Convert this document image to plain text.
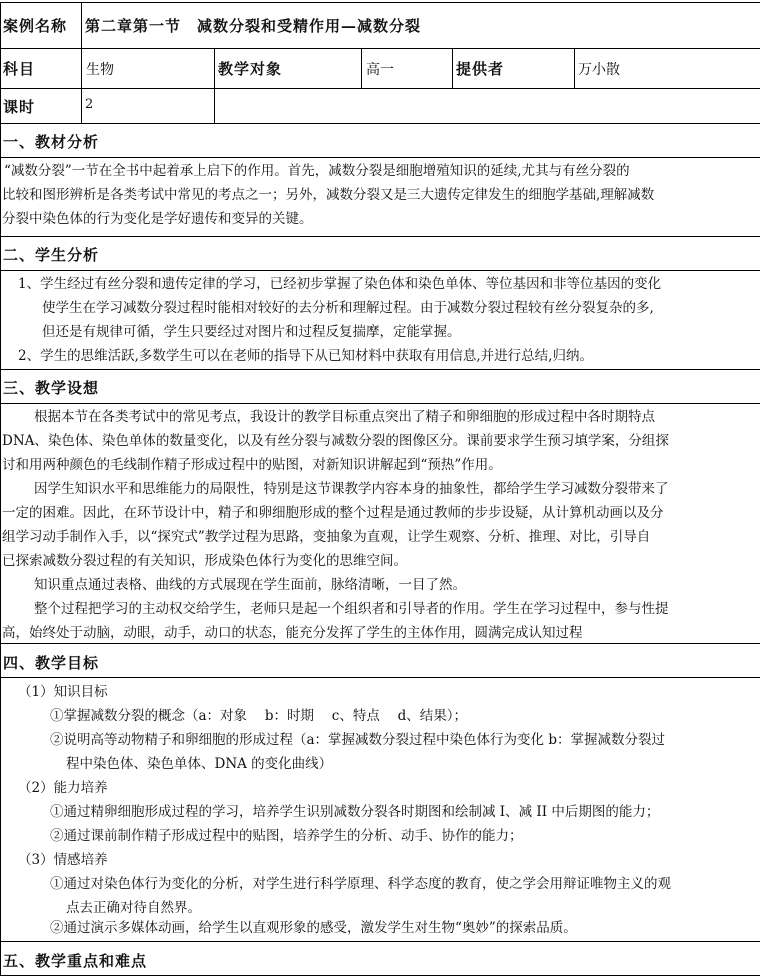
案例名称 第二章第一节　减数分裂和受精作用—减数分裂
科目	生物	教学对象	高一	提供者	万小散
课时	2
一、教材分析
“减数分裂”一节在全书中起着承上启下的作用。首先，减数分裂是细胞增殖知识的延续,尤其与有丝分裂的
比较和图形辨析是各类考试中常见的考点之一；另外，减数分裂又是三大遗传定律发生的细胞学基础,理解减数
分裂中染色体的行为变化是学好遗传和变异的关键。
二、学生分析
1、学生经过有丝分裂和遗传定律的学习，已经初步掌握了染色体和染色单体、等位基因和非等位基因的变化
使学生在学习减数分裂过程时能相对较好的去分析和理解过程。由于减数分裂过程较有丝分裂复杂的多,
但还是有规律可循，学生只要经过对图片和过程反复揣摩，定能掌握。
2、学生的思维活跃,多数学生可以在老师的指导下从已知材料中获取有用信息,并进行总结,归纳。
三、教学设想
根据本节在各类考试中的常见考点，我设计的教学目标重点突出了精子和卵细胞的形成过程中各时期特点
DNA、染色体、染色单体的数量变化，以及有丝分裂与减数分裂的图像区分。课前要求学生预习填学案，分组探
讨和用两种颜色的毛线制作精子形成过程中的贴图，对新知识讲解起到“预热”作用。
因学生知识水平和思维能力的局限性，特别是这节课教学内容本身的抽象性，都给学生学习减数分裂带来了
一定的困难。因此，在环节设计中，精子和卵细胞形成的整个过程是通过教师的步步设疑，从计算机动画以及分
组学习动手制作入手，以“探究式”教学过程为思路，变抽象为直观，让学生观察、分析、推理、对比，引导自
已探索减数分裂过程的有关知识，形成染色体行为变化的思维空间。
知识重点通过表格、曲线的方式展现在学生面前，脉络清晰，一目了然。
整个过程把学习的主动权交给学生，老师只是起一个组织者和引导者的作用。学生在学习过程中，参与性提
高，始终处于动脑，动眼，动手，动口的状态，能充分发挥了学生的主体作用，圆满完成认知过程
四、教学目标
（1）知识目标
①掌握减数分裂的概念（a：对象　 b：时期　 c、特点　 d、结果）；
②说明高等动物精子和卵细胞的形成过程（a：掌握减数分裂过程中染色体行为变化 b：掌握减数分裂过
程中染色体、染色单体、DNA 的变化曲线）
（2）能力培养
①通过精卵细胞形成过程的学习，培养学生识别减数分裂各时期图和绘制减 I、减 II 中后期图的能力；
②通过课前制作精子形成过程中的贴图，培养学生的分析、动手、协作的能力；
（3）情感培养
①通过对染色体行为变化的分析，对学生进行科学原理、科学态度的教育，使之学会用辩证唯物主义的观
点去正确对待自然界。
②通过演示多媒体动画，给学生以直观形象的感受，激发学生对生物“奥妙”的探索品质。
五、教学重点和难点
